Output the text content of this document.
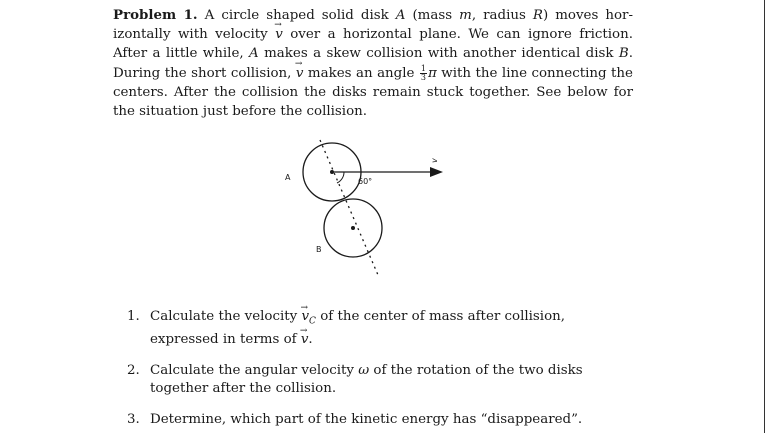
Problem 1. A circle shaped solid disk A (mass m, radius R) moves hor-izontally with velocity → v over a horizontal plane. We can ignore friction. After a little while, A makes a skew collision with another identical disk B. During the short collision, → v makes an angle $\frac{1}{3}$ π with the line connecting the centers. After the collision the disks remain stuck together. See below for the situation just before the collision.

60°
A
B
v
1. Calculate the velocity → $v_C$ of the center of mass after collision, expressed in terms of → v.
2. Calculate the angular velocity ω of the rotation of the two disks together after the collision.
3. Determine, which part of the kinetic energy has “disappeared”.
